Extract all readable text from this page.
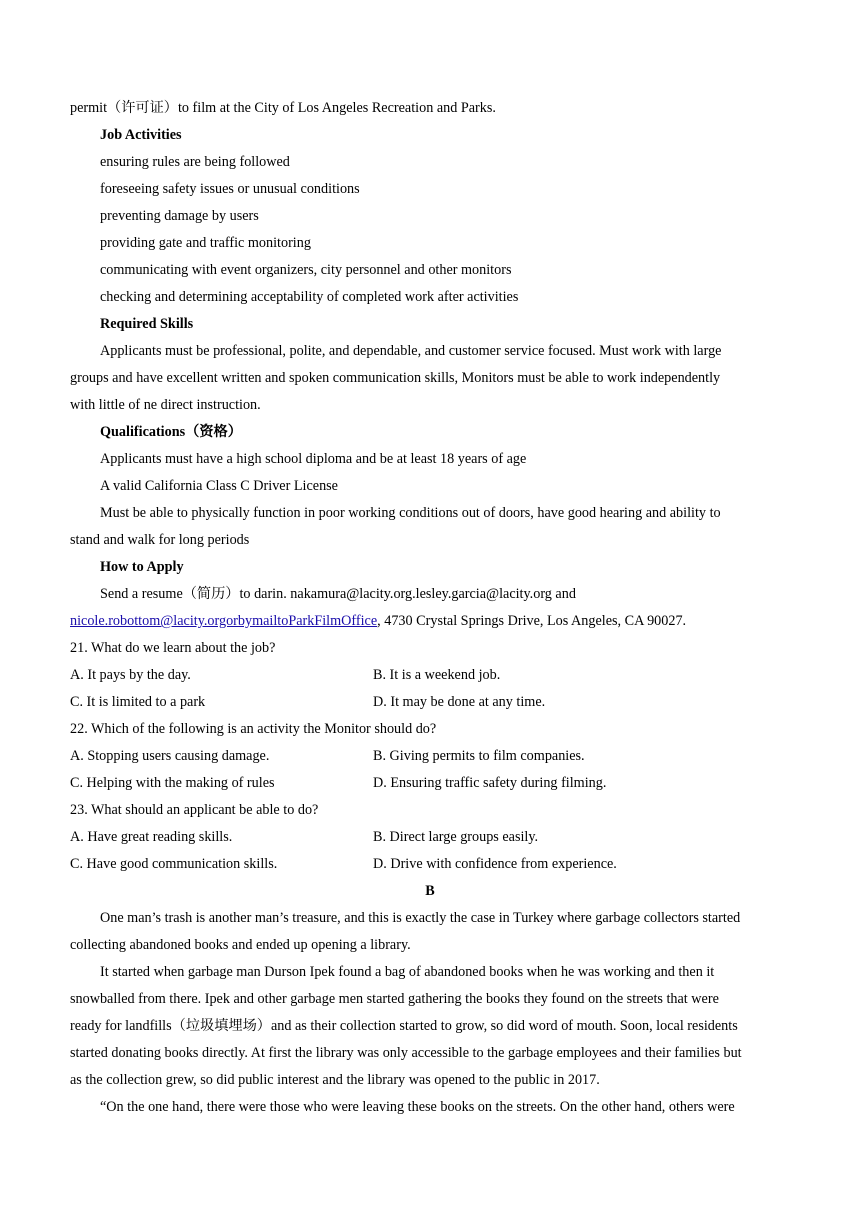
permit（许可证）to film at the City of Los Angeles Recreation and Parks.
Job Activities
ensuring rules are being followed
foreseeing safety issues or unusual conditions
preventing damage by users
providing gate and traffic monitoring
communicating with event organizers, city personnel and other monitors
checking and determining acceptability of completed work after activities
Required Skills
Applicants must be professional, polite, and dependable, and customer service focused. Must work with large
groups and have excellent written and spoken communication skills, Monitors must be able to work independently
with little of ne direct instruction.
Qualifications（资格）
Applicants must have a high school diploma and be at least 18 years of age
A valid California Class C Driver License
Must be able to physically function in poor working conditions out of doors, have good hearing and ability to
stand and walk for long periods
How to Apply
Send a resume（简历）to darin. nakamura@lacity.org.lesley.garcia@lacity.org and
nicole.robottom@lacity.orgorbymailtoParkFilmOffice, 4730 Crystal Springs Drive, Los Angeles, CA 90027.
21. What do we learn about the job?
A. It pays by the day.	B. It is a weekend job.
C. It is limited to a park	D. It may be done at any time.
22. Which of the following is an activity the Monitor should do?
A. Stopping users causing damage.	B. Giving permits to film companies.
C. Helping with the making of rules	D. Ensuring traffic safety during filming.
23. What should an applicant be able to do?
A. Have great reading skills.	B. Direct large groups easily.
C. Have good communication skills.	D. Drive with confidence from experience.
B
One man’s trash is another man’s treasure, and this is exactly the case in Turkey where garbage collectors started
collecting abandoned books and ended up opening a library.
It started when garbage man Durson Ipek found a bag of abandoned books when he was working and then it
snowballed from there. Ipek and other garbage men started gathering the books they found on the streets that were
ready for landfills（垃圾填埋场）and as their collection started to grow, so did word of mouth. Soon, local residents
started donating books directly. At first the library was only accessible to the garbage employees and their families but
as the collection grew, so did public interest and the library was opened to the public in 2017.
“On the one hand, there were those who were leaving these books on the streets. On the other hand, others were
